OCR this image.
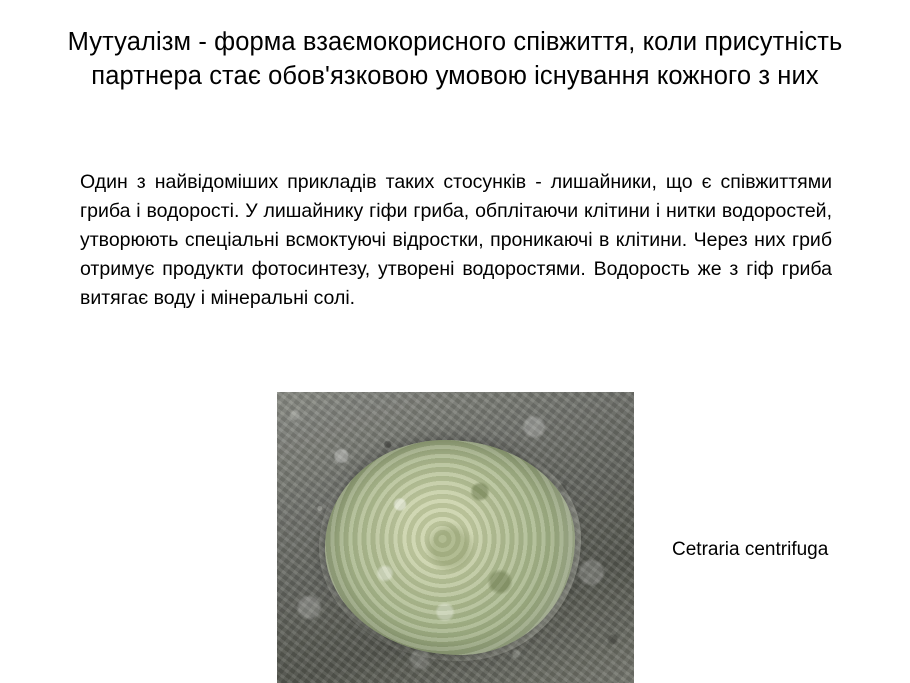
Мутуалізм - форма взаємокорисного співжиття, коли присутність партнера стає обов'язковою умовою існування кожного з них
Один з найвідоміших прикладів таких стосунків - лишайники, що є співжиттями гриба і водорості. У лишайнику гіфи гриба, обплітаючи клітини і нитки водоростей, утворюють спеціальні всмоктуючі відростки, проникаючі в клітини. Через них гриб отримує продукти фотосинтезу, утворені водоростями. Водорость же з гіф гриба витягає воду і мінеральні солі.
Cetraria centrifuga
